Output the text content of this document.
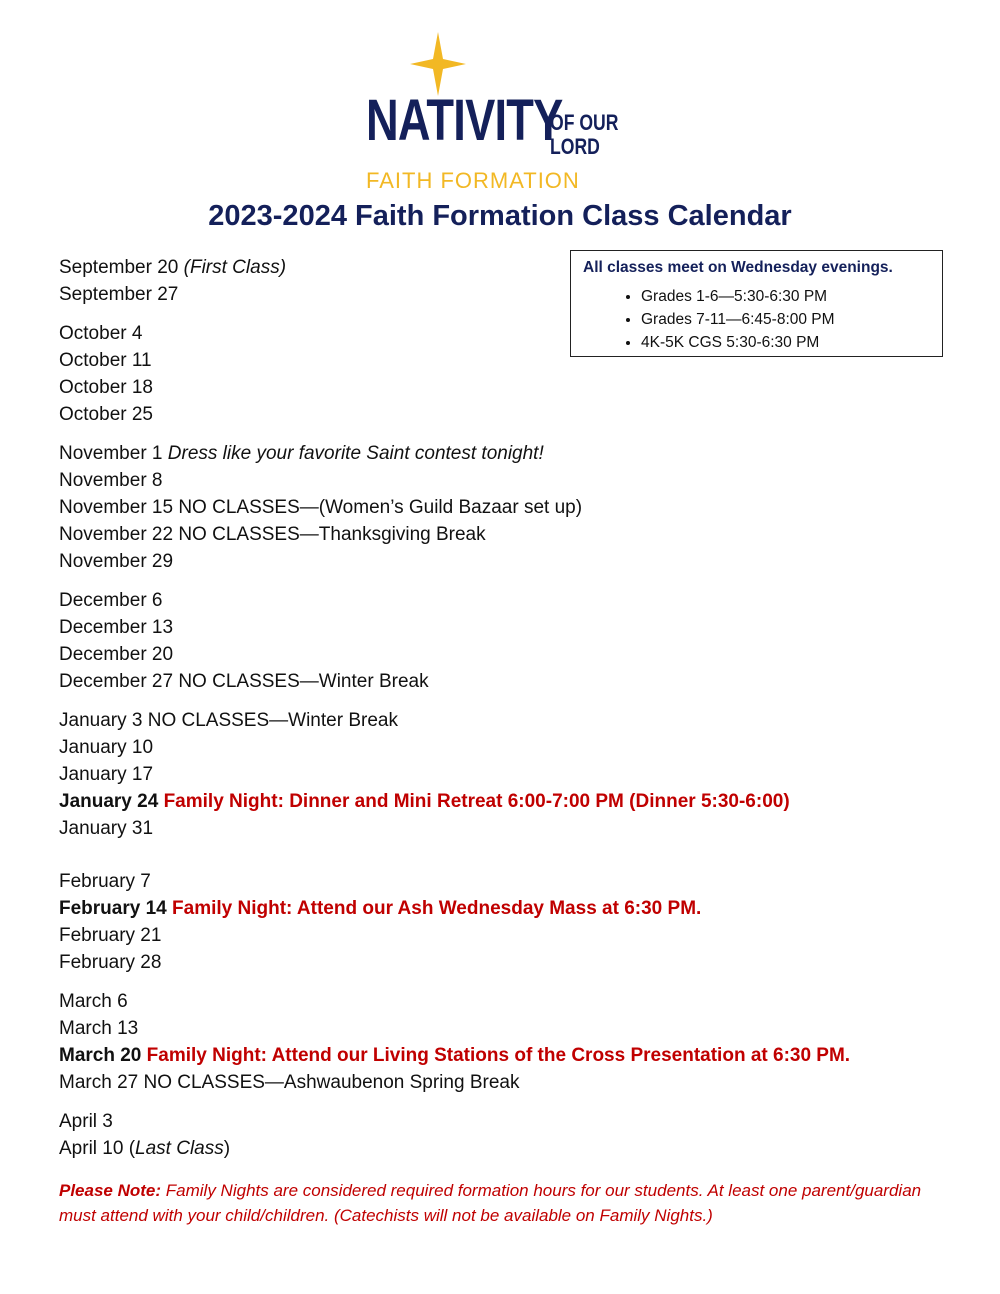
NATIVITY
OF OUR
LORD
FAITH FORMATION
2023-2024 Faith Formation Class Calendar
All classes meet on Wednesday evenings.
• Grades 1-6—5:30-6:30 PM
• Grades 7-11—6:45-8:00 PM
• 4K-5K CGS 5:30-6:30 PM
September 20 (First Class)
September 27
October 4
October 11
October 18
October 25
November 1 Dress like your favorite Saint contest tonight!
November 8
November 15 NO CLASSES—(Women’s Guild Bazaar set up)
November 22 NO CLASSES—Thanksgiving Break
November 29
December 6
December 13
December 20
December 27 NO CLASSES—Winter Break
January 3 NO CLASSES—Winter Break
January 10
January 17
January 24 Family Night: Dinner and Mini Retreat 6:00-7:00 PM (Dinner 5:30-6:00)
January 31
February 7
February 14 Family Night: Attend our Ash Wednesday Mass at 6:30 PM.
February 21
February 28
March 6
March 13
March 20 Family Night: Attend our Living Stations of the Cross Presentation at 6:30 PM.
March 27 NO CLASSES—Ashwaubenon Spring Break
April 3
April 10 (Last Class)
Please Note: Family Nights are considered required formation hours for our students. At least one parent/guardian must attend with your child/children. (Catechists will not be available on Family Nights.)
